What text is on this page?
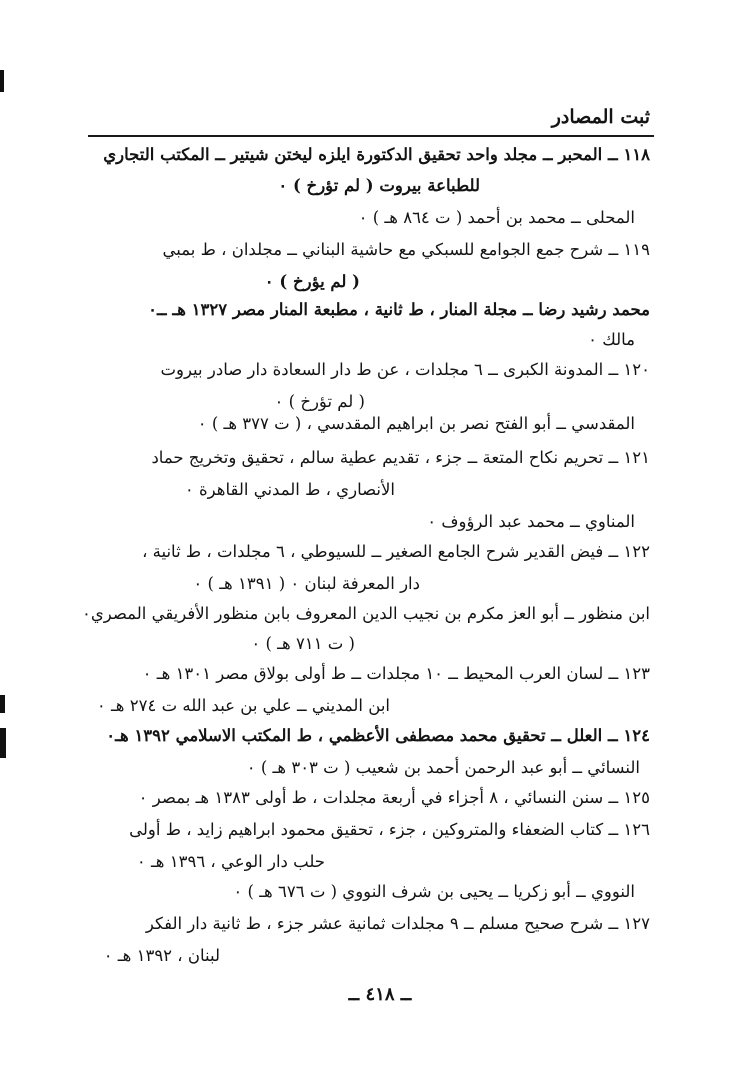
ثبت المصادر
١١٨ ــ المحبر ــ مجلد واحد تحقيق الدكتورة ايلزه ليختن شيتير ــ المكتب التجاري
للطباعة بيروت ( لم تؤرخ ) ٠
المحلى ــ محمد بن أحمد ( ت ٨٦٤ هـ ) ٠
١١٩ ــ شرح جمع الجوامع للسبكي مع حاشية البناني ــ مجلدان ، ط بمبي
( لم يؤرخ ) ٠
محمد رشيد رضا ــ مجلة المنار ، ط ثانية ، مطبعة المنار مصر ١٣٢٧ هـ ــ٠
مالك ٠
١٢٠ ــ المدونة الكبرى ــ ٦ مجلدات ، عن ط دار السعادة دار صادر بيروت
( لم تؤرخ ) ٠
المقدسي ــ أبو الفتح نصر بن ابراهيم المقدسي ، ( ت ٣٧٧ هـ ) ٠
١٢١ ــ تحريم نكاح المتعة ــ جزء ، تقديم عطية سالم ، تحقيق وتخريج حماد
الأنصاري ، ط المدني القاهرة ٠
المناوي ــ محمد عبد الرؤوف ٠
١٢٢ ــ فيض القدير شرح الجامع الصغير ــ للسيوطي ، ٦ مجلدات ، ط ثانية ،
دار المعرفة لبنان ٠ ( ١٣٩١ هـ ) ٠
ابن منظور ــ أبو العز مكرم بن نجيب الدين المعروف بابن منظور الأفريقي المصري٠
( ت ٧١١ هـ ) ٠
١٢٣ ــ لسان العرب المحيط ــ ١٠ مجلدات ــ ط أولى بولاق مصر ١٣٠١ هـ ٠
ابن المديني ــ علي بن عبد الله ت ٢٧٤ هـ ٠
١٢٤ ــ العلل ــ تحقيق محمد مصطفى الأعظمي ، ط المكتب الاسلامي ١٣٩٢ هـ٠
النسائي ــ أبو عبد الرحمن أحمد بن شعيب ( ت ٣٠٣ هـ ) ٠
١٢٥ ــ سنن النسائي ، ٨ أجزاء في أربعة مجلدات ، ط أولى ١٣٨٣ هـ بمصر ٠
١٢٦ ــ كتاب الضعفاء والمتروكين ، جزء ، تحقيق محمود ابراهيم زايد ، ط أولى
حلب دار الوعي ، ١٣٩٦ هـ ٠
النووي ــ أبو زكريا ــ يحيى بن شرف النووي ( ت ٦٧٦ هـ ) ٠
١٢٧ ــ شرح صحيح مسلم ــ ٩ مجلدات ثمانية عشر جزء ، ط ثانية دار الفكر
لبنان ، ١٣٩٢ هـ ٠
ــ ٤١٨ ــ
